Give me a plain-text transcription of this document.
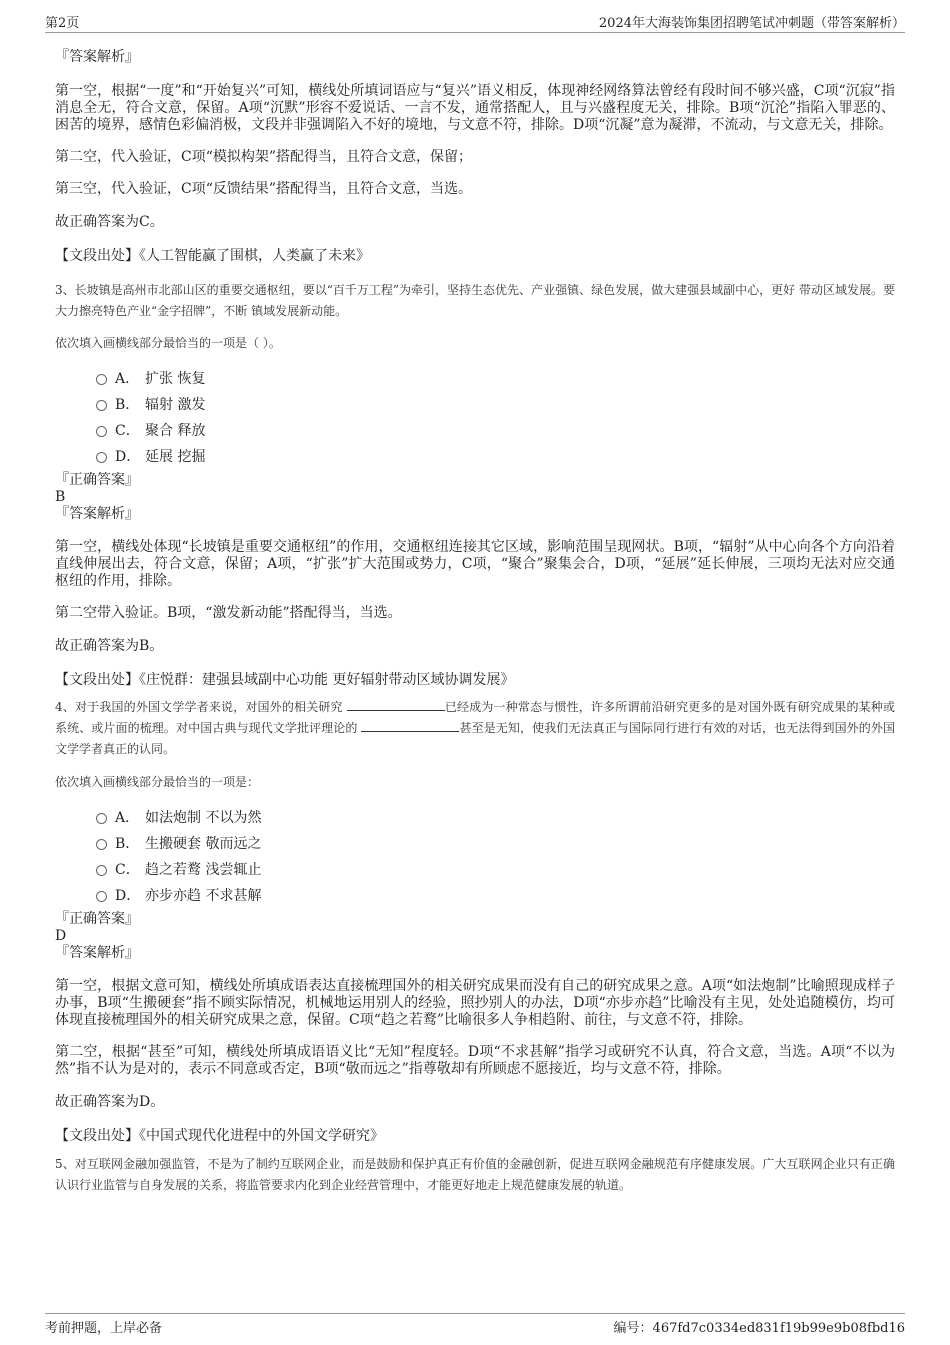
第2页	2024年大海装饰集团招聘笔试冲刺题（带答案解析）

『答案解析』

第一空，根据“一度”和“开始复兴”可知，横线处所填词语应与“复兴”语义相反，体现神经网络算法曾经有段时间不够兴盛，C项“沉寂”指消息全无，符合文意，保留。A项“沉默”形容不爱说话、一言不发，通常搭配人，且与兴盛程度无关，排除。B项“沉沦”指陷入罪恶的、困苦的境界，感情色彩偏消极，文段并非强调陷入不好的境地，与文意不符，排除。D项“沉凝”意为凝滞，不流动，与文意无关，排除。

第二空，代入验证，C项“模拟构架”搭配得当，且符合文意，保留；

第三空，代入验证，C项“反馈结果”搭配得当，且符合文意，当选。

故正确答案为C。

【文段出处】《人工智能赢了围棋，人类赢了未来》

3、长坡镇是高州市北部山区的重要交通枢纽，要以“百千万工程”为牵引，坚持生态优先、产业强镇、绿色发展，做大建强县域副中心，更好 带动区域发展。要大力擦亮特色产业“金字招牌”，不断 镇域发展新动能。

依次填入画横线部分最恰当的一项是（ ）。

A． 扩张 恢复
B． 辐射 激发
C． 聚合 释放
D． 延展 挖掘

『正确答案』

B

『答案解析』

第一空，横线处体现“长坡镇是重要交通枢纽”的作用，交通枢纽连接其它区域，影响范围呈现网状。B项，“辐射”从中心向各个方向沿着直线伸展出去，符合文意，保留；A项，“扩张”扩大范围或势力，C项，“聚合”聚集会合，D项，“延展”延长伸展，三项均无法对应交通枢纽的作用，排除。

第二空带入验证。B项，“激发新动能”搭配得当，当选。

故正确答案为B。

【文段出处】《庄悦群：建强县域副中心功能 更好辐射带动区域协调发展》

4、对于我国的外国文学学者来说，对国外的相关研究	已经成为一种常态与惯性，许多所谓前沿研究更多的是对国外既有研究成果的某种或系统、或片面的梳理。对中国古典与现代文学批评理论的	甚至是无知，使我们无法真正与国际同行进行有效的对话，也无法得到国外的外国文学学者真正的认同。

依次填入画横线部分最恰当的一项是：

A． 如法炮制 不以为然
B． 生搬硬套 敬而远之
C． 趋之若鹜 浅尝辄止
D． 亦步亦趋 不求甚解

『正确答案』

D

『答案解析』

第一空，根据文意可知，横线处所填成语表达直接梳理国外的相关研究成果而没有自己的研究成果之意。A项“如法炮制”比喻照现成样子办事，B项“生搬硬套”指不顾实际情况，机械地运用别人的经验，照抄别人的办法，D项“亦步亦趋”比喻没有主见，处处追随模仿，均可体现直接梳理国外的相关研究成果之意，保留。C项“趋之若鹜”比喻很多人争相趋附、前往，与文意不符，排除。

第二空，根据“甚至”可知，横线处所填成语语义比“无知”程度轻。D项“不求甚解”指学习或研究不认真，符合文意，当选。A项“不以为然”指不认为是对的，表示不同意或否定，B项“敬而远之”指尊敬却有所顾虑不愿接近，均与文意不符，排除。

故正确答案为D。

【文段出处】《中国式现代化进程中的外国文学研究》

5、对互联网金融加强监管，不是为了制约互联网企业，而是鼓励和保护真正有价值的金融创新，促进互联网金融规范有序健康发展。广大互联网企业只有正确认识行业监管与自身发展的关系，将监管要求内化到企业经营管理中，才能更好地走上规范健康发展的轨道。

考前押题，上岸必备	编号：467fd7c0334ed831f19b99e9b08fbd16
